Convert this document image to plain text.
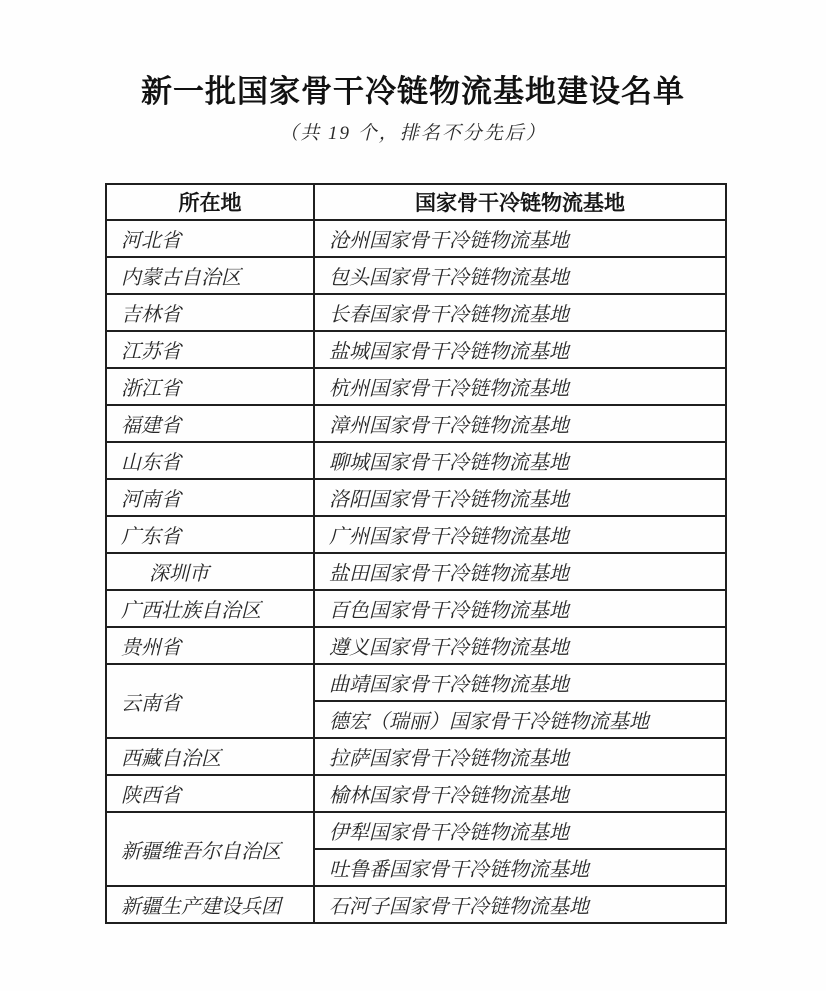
新一批国家骨干冷链物流基地建设名单
（共 19 个，排名不分先后）
所在地	国家骨干冷链物流基地
河北省	沧州国家骨干冷链物流基地
内蒙古自治区	包头国家骨干冷链物流基地
吉林省	长春国家骨干冷链物流基地
江苏省	盐城国家骨干冷链物流基地
浙江省	杭州国家骨干冷链物流基地
福建省	漳州国家骨干冷链物流基地
山东省	聊城国家骨干冷链物流基地
河南省	洛阳国家骨干冷链物流基地
广东省	广州国家骨干冷链物流基地
深圳市	盐田国家骨干冷链物流基地
广西壮族自治区	百色国家骨干冷链物流基地
贵州省	遵义国家骨干冷链物流基地
云南省	曲靖国家骨干冷链物流基地
	德宏（瑞丽）国家骨干冷链物流基地
西藏自治区	拉萨国家骨干冷链物流基地
陕西省	榆林国家骨干冷链物流基地
新疆维吾尔自治区	伊犁国家骨干冷链物流基地
	吐鲁番国家骨干冷链物流基地
新疆生产建设兵团	石河子国家骨干冷链物流基地
